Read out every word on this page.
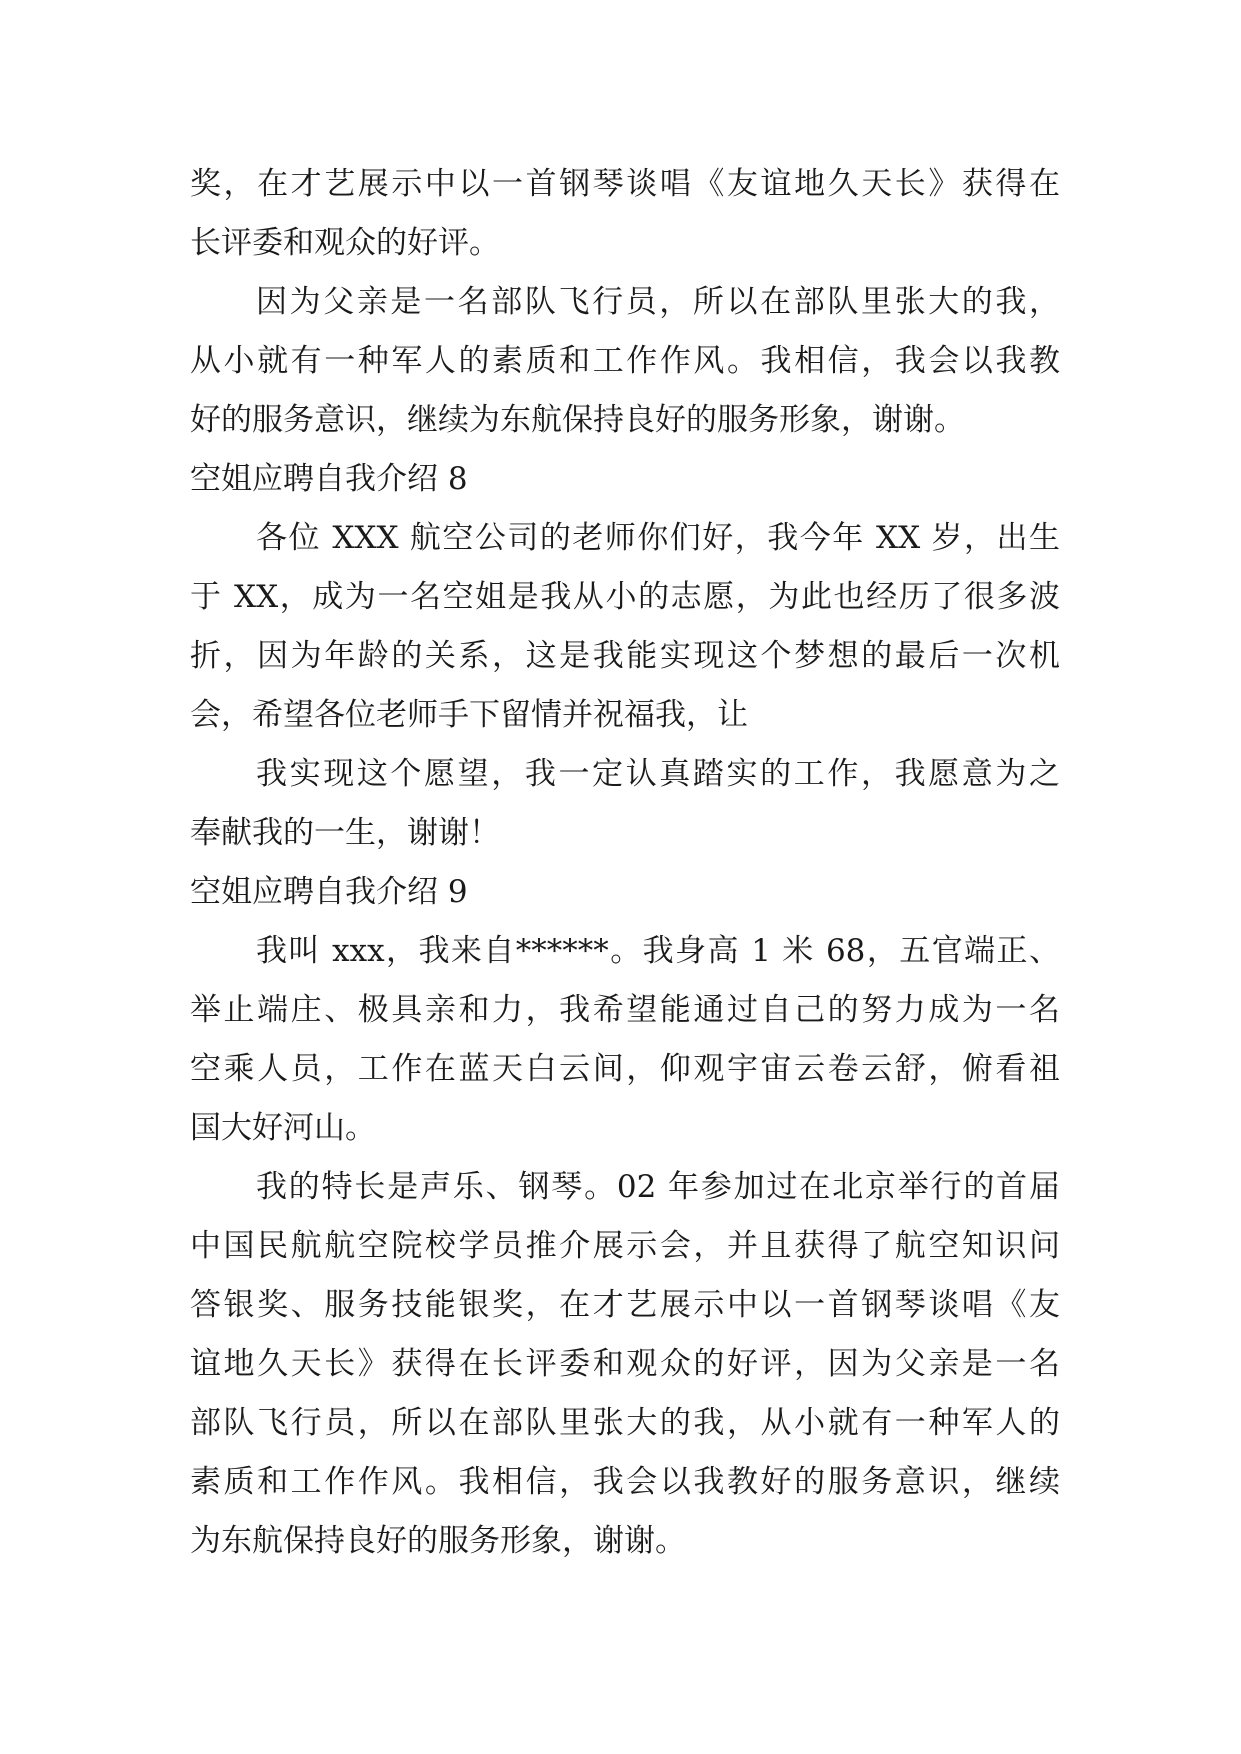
奖，在才艺展示中以一首钢琴谈唱《友谊地久天长》获得在
长评委和观众的好评。
因为父亲是一名部队飞行员，所以在部队里张大的我，
从小就有一种军人的素质和工作作风。我相信，我会以我教
好的服务意识，继续为东航保持良好的服务形象，谢谢。
空姐应聘自我介绍 8
各位 XXX 航空公司的老师你们好，我今年 XX 岁，出生
于 XX，成为一名空姐是我从小的志愿，为此也经历了很多波
折，因为年龄的关系，这是我能实现这个梦想的最后一次机
会，希望各位老师手下留情并祝福我，让
我实现这个愿望，我一定认真踏实的工作，我愿意为之
奉献我的一生，谢谢！
空姐应聘自我介绍 9
我叫 xxx，我来自******。我身高 1 米 68，五官端正、
举止端庄、极具亲和力，我希望能通过自己的努力成为一名
空乘人员，工作在蓝天白云间，仰观宇宙云卷云舒，俯看祖
国大好河山。
我的特长是声乐、钢琴。02 年参加过在北京举行的首届
中国民航航空院校学员推介展示会，并且获得了航空知识问
答银奖、服务技能银奖，在才艺展示中以一首钢琴谈唱《友
谊地久天长》获得在长评委和观众的好评，因为父亲是一名
部队飞行员，所以在部队里张大的我，从小就有一种军人的
素质和工作作风。我相信，我会以我教好的服务意识，继续
为东航保持良好的服务形象，谢谢。
